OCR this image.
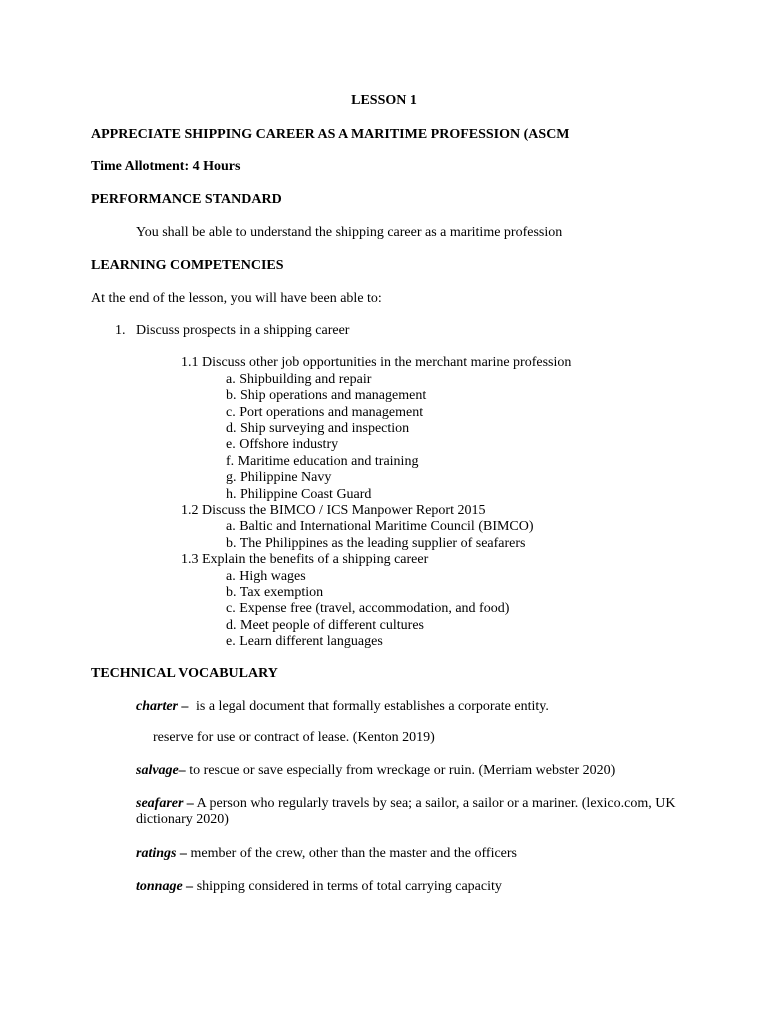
LESSON 1
APPRECIATE SHIPPING CAREER AS A MARITIME PROFESSION (ASCM
Time Allotment: 4 Hours
PERFORMANCE STANDARD
You shall be able to understand the shipping career as a maritime profession
LEARNING COMPETENCIES
At the end of the lesson, you will have been able to:
1. Discuss prospects in a shipping career
1.1 Discuss other job opportunities in the merchant marine profession
a. Shipbuilding and repair
b. Ship operations and management
c. Port operations and management
d. Ship surveying and inspection
e. Offshore industry
f. Maritime education and training
g. Philippine Navy
h. Philippine Coast Guard
1.2 Discuss the BIMCO / ICS Manpower Report 2015
a. Baltic and International Maritime Council (BIMCO)
b. The Philippines as the leading supplier of seafarers
1.3 Explain the benefits of a shipping career
a. High wages
b. Tax exemption
c. Expense free (travel, accommodation, and food)
d. Meet people of different cultures
e. Learn different languages
TECHNICAL VOCABULARY
charter – is a legal document that formally establishes a corporate entity.
reserve for use or contract of lease. (Kenton 2019)
salvage– to rescue or save especially from wreckage or ruin. (Merriam webster 2020)
seafarer – A person who regularly travels by sea; a sailor, a sailor or a mariner. (lexico.com, UK
dictionary 2020)
ratings – member of the crew, other than the master and the officers
tonnage – shipping considered in terms of total carrying capacity
